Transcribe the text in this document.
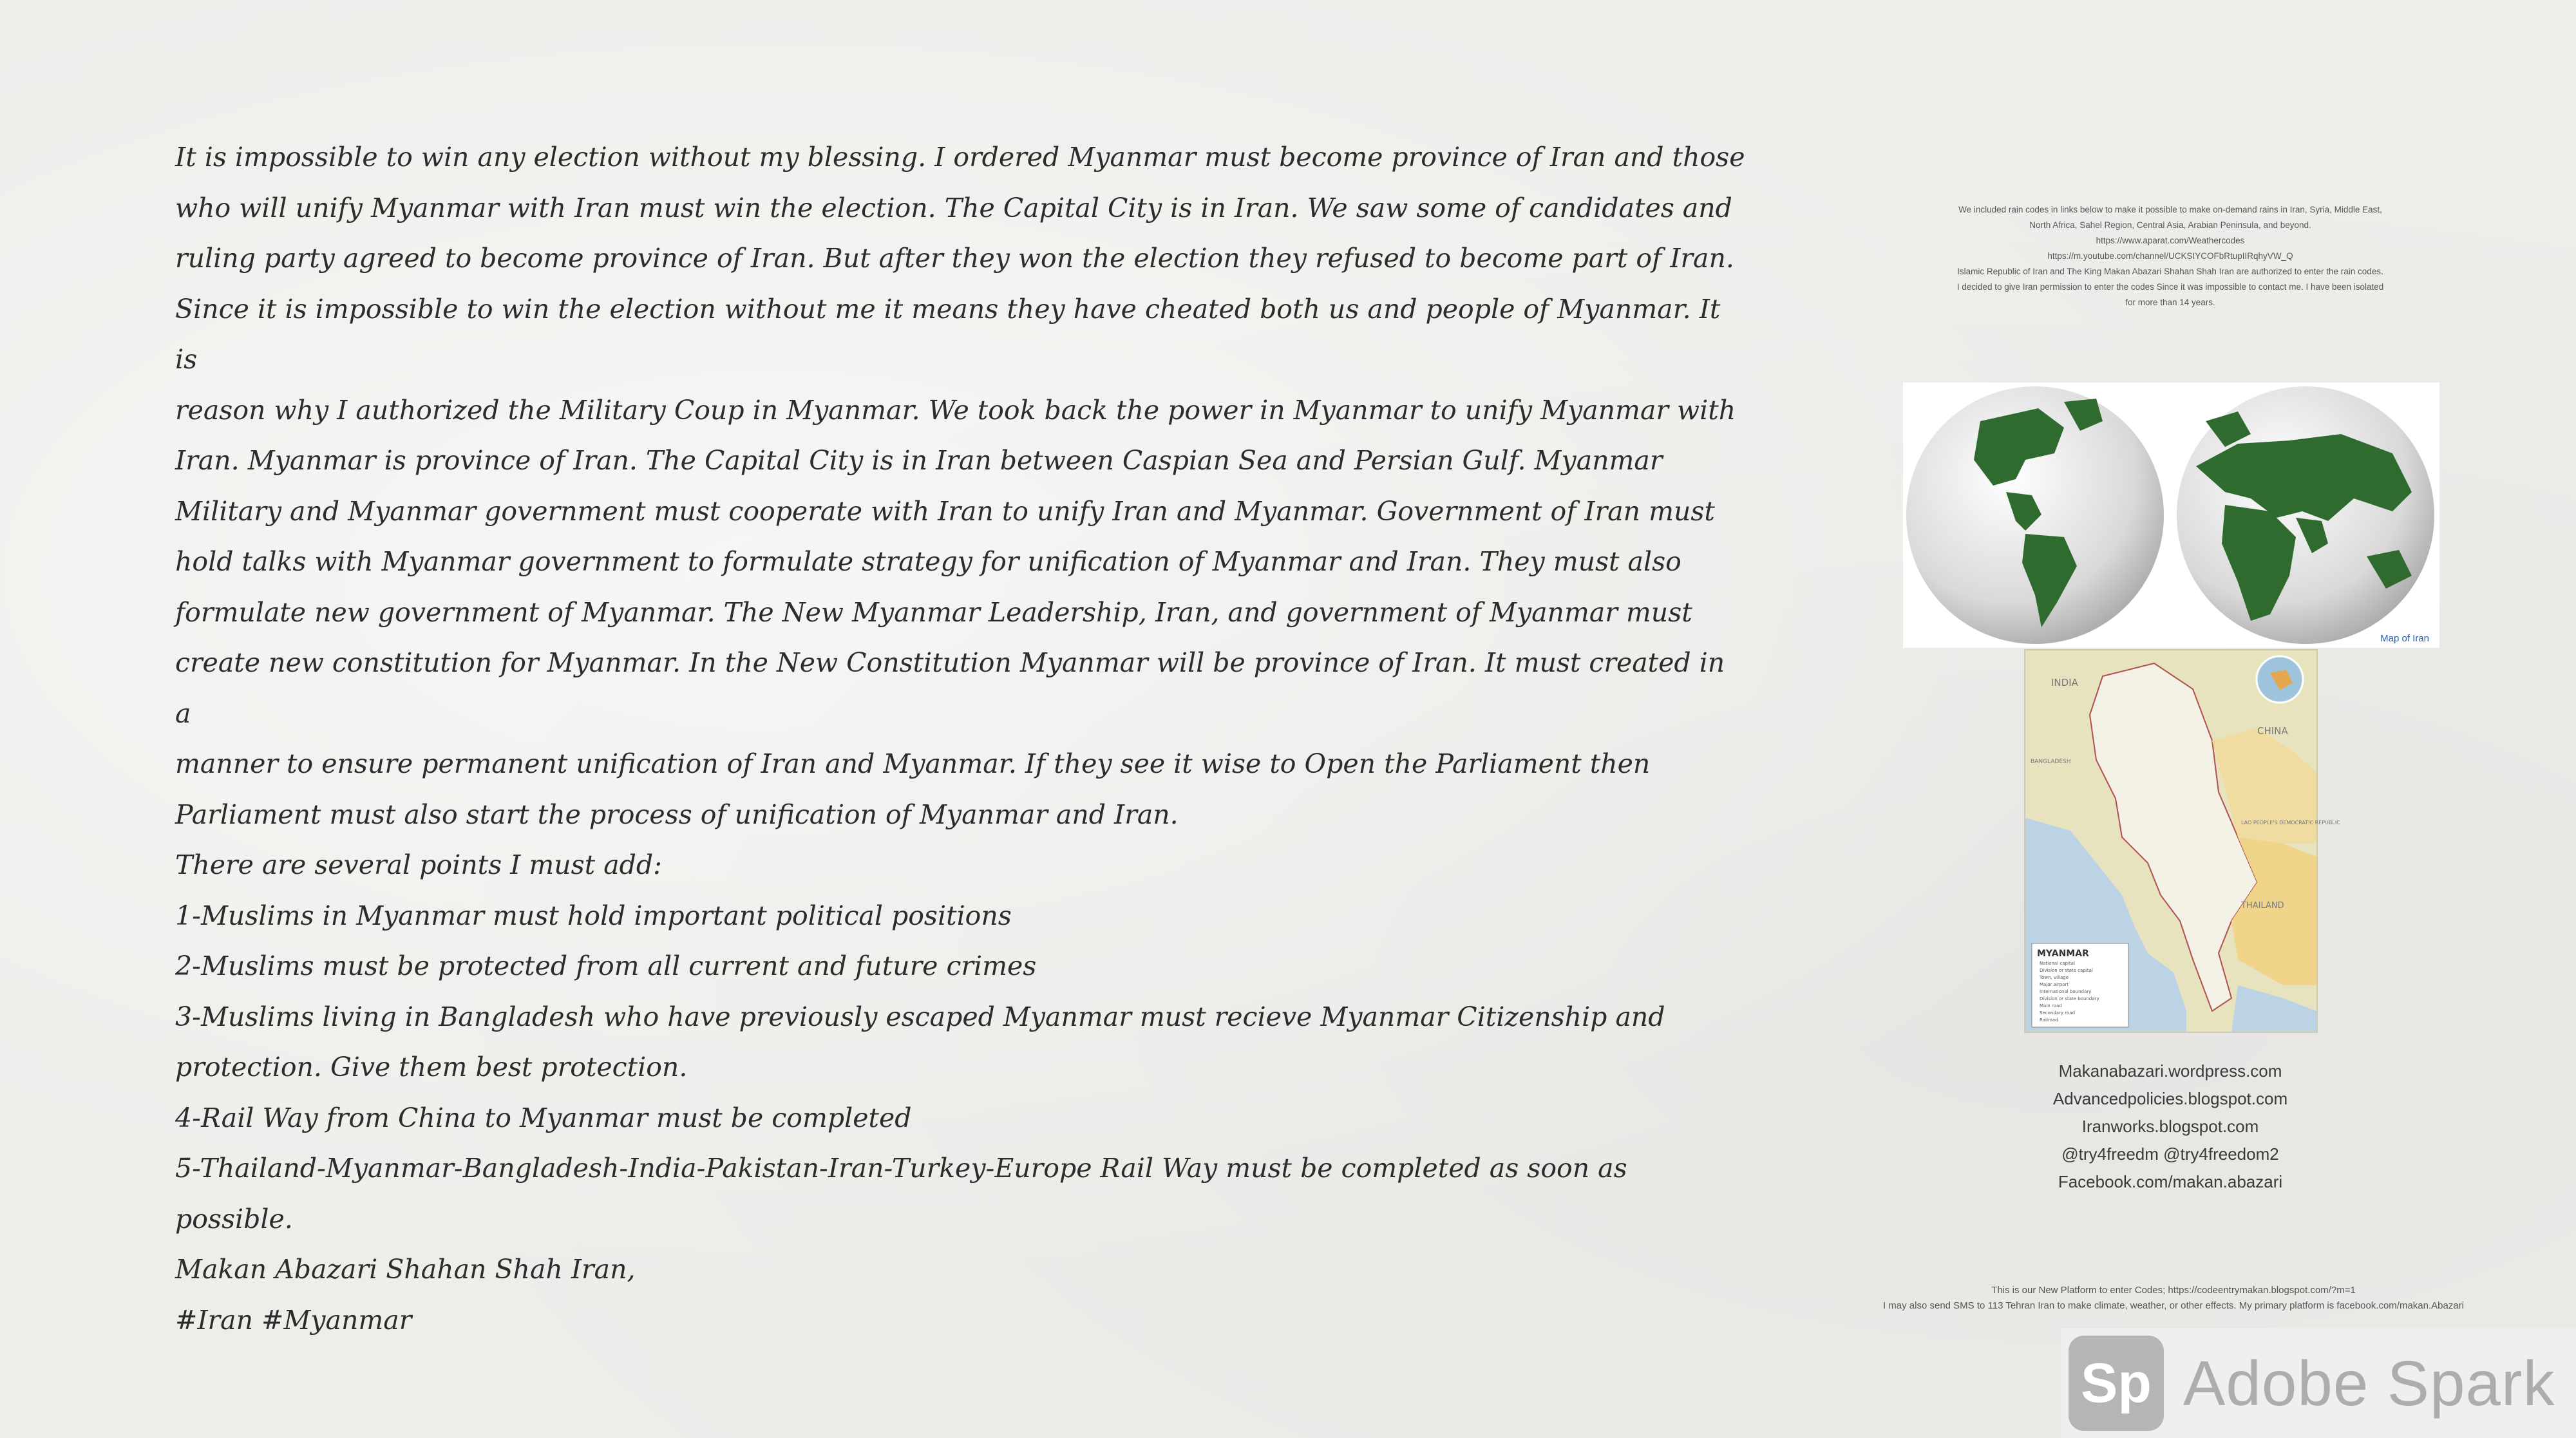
It is impossible to win any election without my blessing. I ordered Myanmar must become province of Iran and those

who will unify Myanmar with Iran must win the election. The Capital City is in Iran. We saw some of candidates and

ruling party agreed to become province of Iran. But after they won the election they refused to become part of Iran.

Since it is impossible to win the election without me it means they have cheated both us and people of Myanmar. It is

reason why I authorized the Military Coup in Myanmar. We took back the power in Myanmar to unify Myanmar with

Iran. Myanmar is province of Iran. The Capital City is in Iran between Caspian Sea and Persian Gulf. Myanmar

Military and Myanmar government must cooperate with Iran to unify Iran and Myanmar. Government of Iran must

hold talks with Myanmar government to formulate strategy for unification of Myanmar and Iran. They must also

formulate new government of Myanmar. The New Myanmar Leadership, Iran, and government of Myanmar must

create new constitution for Myanmar. In the New Constitution Myanmar will be province of Iran. It must created in a

manner to ensure permanent unification of Iran and Myanmar. If they see it wise to Open the Parliament then

Parliament must also start the process of unification of Myanmar and Iran.

There are several points I must add:

1-Muslims in Myanmar must hold important political positions

2-Muslims must be protected from all current and future crimes

3-Muslims living in Bangladesh who have previously escaped Myanmar must recieve Myanmar Citizenship and

protection. Give them best protection.

4-Rail Way from China to Myanmar must be completed

5-Thailand-Myanmar-Bangladesh-India-Pakistan-Iran-Turkey-Europe Rail Way must be completed as soon as

possible.

Makan Abazari Shahan Shah Iran,

#Iran #Myanmar

We included rain codes in links below to make it possible to make on-demand rains in Iran, Syria, Middle East,
North Africa, Sahel Region, Central Asia, Arabian Peninsula, and beyond.
https://www.aparat.com/Weathercodes
https://m.youtube.com/channel/UCKSIYCOFbRtupIIRqhyVW_Q
Islamic Republic of Iran and The King Makan Abazari Shahan Shah Iran are authorized to enter the rain codes.
I decided to give Iran permission to enter the codes Since it was impossible to contact me. I have been isolated
for more than 14 years.
Map of Iran
INDIA
CHINA
BANGLADESH
THAILAND
LAO PEOPLE'S DEMOCRATIC REPUBLIC
MYANMAR
National capital
Division or state capital
Town, village
Major airport
International boundary
Division or state boundary
Main road
Secondary road
Railroad
Makanabazari.wordpress.com
Advancedpolicies.blogspot.com
Iranworks.blogspot.com
@try4freedm @try4freedom2
Facebook.com/makan.abazari
This is our New Platform to enter Codes; https://codeentrymakan.blogspot.com/?m=1
I may also send SMS to 113 Tehran Iran to make climate, weather, or other effects. My primary platform is facebook.com/makan.Abazari
Sp Adobe Spark
